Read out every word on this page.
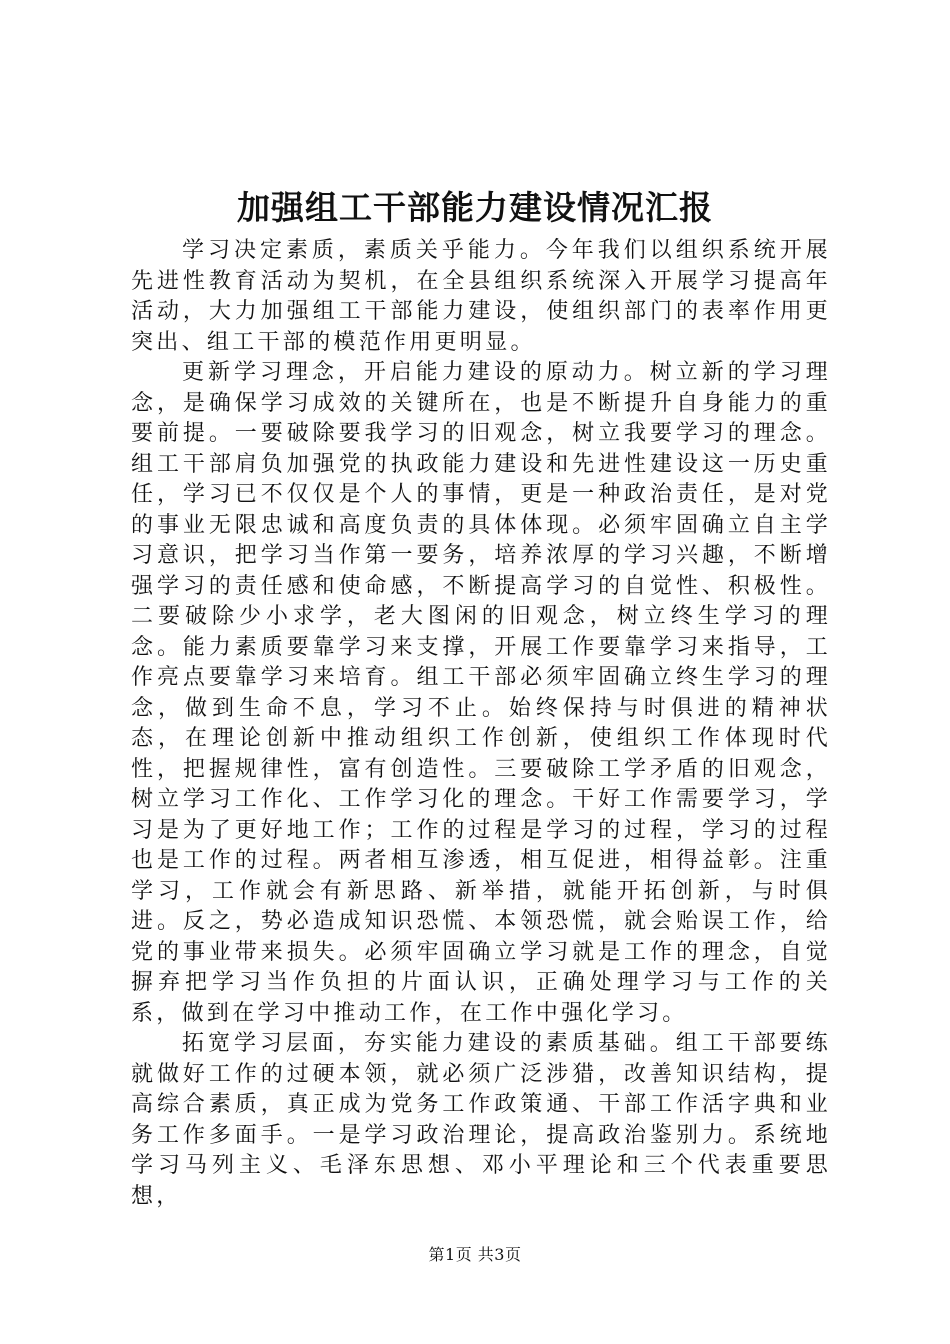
加强组工干部能力建设情况汇报

学习决定素质，素质关乎能力。今年我们以组织系统开展先进性教育活动为契机，在全县组织系统深入开展学习提高年活动，大力加强组工干部能力建设，使组织部门的表率作用更突出、组工干部的模范作用更明显。

更新学习理念，开启能力建设的原动力。树立新的学习理念，是确保学习成效的关键所在，也是不断提升自身能力的重要前提。一要破除要我学习的旧观念，树立我要学习的理念。组工干部肩负加强党的执政能力建设和先进性建设这一历史重任，学习已不仅仅是个人的事情，更是一种政治责任，是对党的事业无限忠诚和高度负责的具体体现。必须牢固确立自主学习意识，把学习当作第一要务，培养浓厚的学习兴趣，不断增强学习的责任感和使命感，不断提高学习的自觉性、积极性。二要破除少小求学，老大图闲的旧观念，树立终生学习的理念。能力素质要靠学习来支撑，开展工作要靠学习来指导，工作亮点要靠学习来培育。组工干部必须牢固确立终生学习的理念，做到生命不息，学习不止。始终保持与时俱进的精神状态，在理论创新中推动组织工作创新，使组织工作体现时代性，把握规律性，富有创造性。三要破除工学矛盾的旧观念，树立学习工作化、工作学习化的理念。干好工作需要学习，学习是为了更好地工作；工作的过程是学习的过程，学习的过程也是工作的过程。两者相互渗透，相互促进，相得益彰。注重学习，工作就会有新思路、新举措，就能开拓创新，与时俱进。反之，势必造成知识恐慌、本领恐慌，就会贻误工作，给党的事业带来损失。必须牢固确立学习就是工作的理念，自觉摒弃把学习当作负担的片面认识，正确处理学习与工作的关系，做到在学习中推动工作，在工作中强化学习。

拓宽学习层面，夯实能力建设的素质基础。组工干部要练就做好工作的过硬本领，就必须广泛涉猎，改善知识结构，提高综合素质，真正成为党务工作政策通、干部工作活字典和业务工作多面手。一是学习政治理论，提高政治鉴别力。系统地学习马列主义、毛泽东思想、邓小平理论和三个代表重要思想，

第1页 共3页
